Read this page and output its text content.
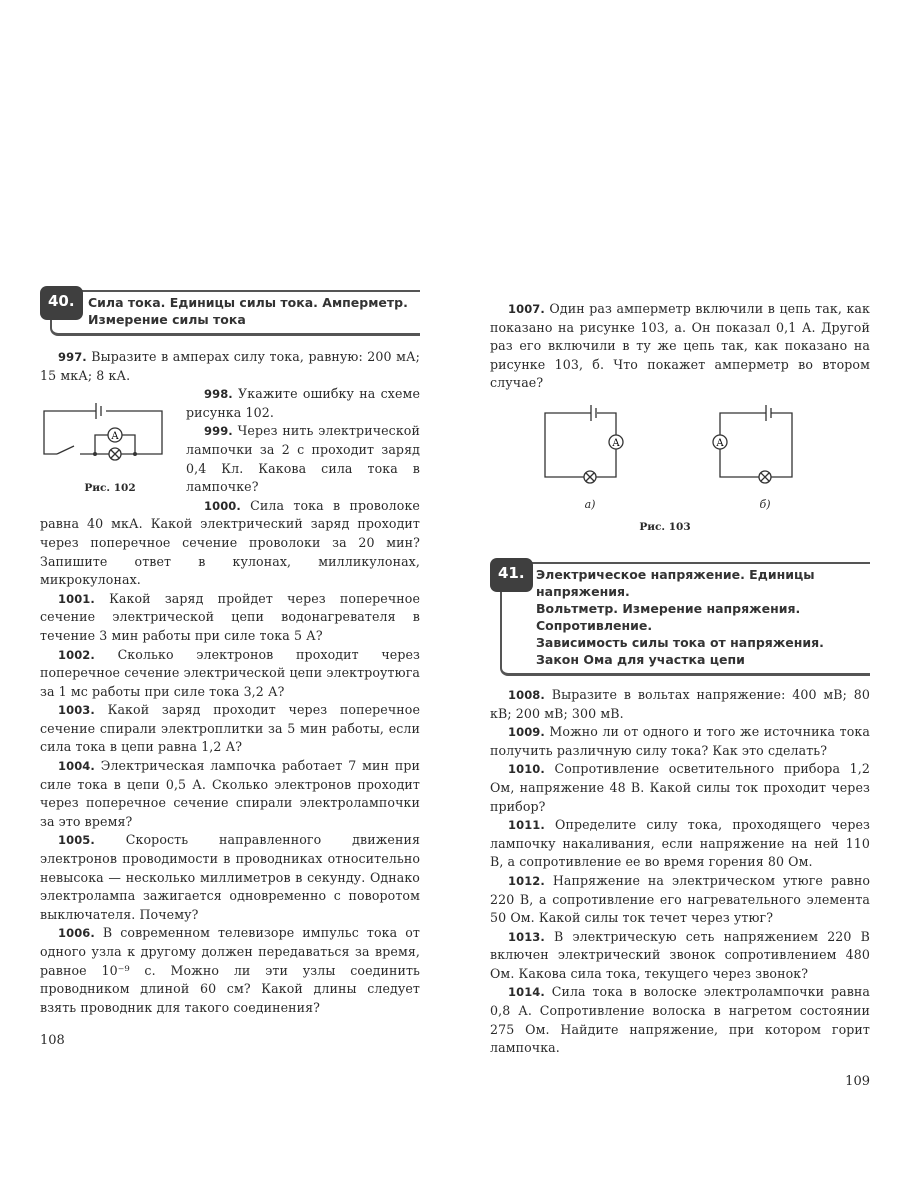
40.	Сила тока. Единицы силы тока. Амперметр. Измерение силы тока

997. Выразите в амперах силу тока, равную: 200 мА; 15 мкА; 8 кА.

A
Рис. 102

998. Укажите ошибку на схеме рисунка 102.

999. Через нить электрической лампочки за 2 с проходит заряд 0,4 Кл. Какова сила тока в лампочке?

1000. Сила тока в проволоке равна 40 мкА. Какой электрический заряд проходит через поперечное сечение проволоки за 20 мин? Запишите ответ в кулонах, милликулонах, микрокулонах.

1001. Какой заряд пройдет через поперечное сечение электрической цепи водонагревателя в течение 3 мин работы при силе тока 5 А?

1002. Сколько электронов проходит через поперечное сечение электрической цепи электроутюга за 1 мс работы при силе тока 3,2 А?

1003. Какой заряд проходит через поперечное сечение спирали электроплитки за 5 мин работы, если сила тока в цепи равна 1,2 А?

1004. Электрическая лампочка работает 7 мин при силе тока в цепи 0,5 А. Сколько электронов проходит через поперечное сечение спирали электролампочки за это время?

1005. Скорость направленного движения электронов проводимости в проводниках относительно невысока — несколько миллиметров в секунду. Однако электролампа зажигается одновременно с поворотом выключателя. Почему?

1006. В современном телевизоре импульс тока от одного узла к другому должен передаваться за время, равное 10⁻⁹ с. Можно ли эти узлы соединить проводником длиной 60 см? Какой длины следует взять проводник для такого соединения?

108

1007. Один раз амперметр включили в цепь так, как показано на рисунке 103, а. Он показал 0,1 А. Другой раз его включили в ту же цепь так, как показано на рисунке 103, б. Что покажет амперметр во втором случае?

A	A
а)	б)
Рис. 103
41. Электрическое напряжение. Единицы напряжения.
Вольтметр. Измерение напряжения. Сопротивление.
Зависимость силы тока от напряжения.
Закон Ома для участка цепи

1008. Выразите в вольтах напряжение: 400 мВ; 80 кВ; 200 мВ; 300 мВ.

1009. Можно ли от одного и того же источника тока получить различную силу тока? Как это сделать?

1010. Сопротивление осветительного прибора 1,2 Ом, напряжение 48 В. Какой силы ток проходит через прибор?

1011. Определите силу тока, проходящего через лампочку накаливания, если напряжение на ней 110 В, а сопротивление ее во время горения 80 Ом.

1012. Напряжение на электрическом утюге равно 220 В, а сопротивление его нагревательного элемента 50 Ом. Какой силы ток течет через утюг?

1013. В электрическую сеть напряжением 220 В включен электрический звонок сопротивлением 480 Ом. Какова сила тока, текущего через звонок?

1014. Сила тока в волоске электролампочки равна 0,8 А. Сопротивление волоска в нагретом состоянии 275 Ом. Найдите напряжение, при котором горит лампочка.

109
